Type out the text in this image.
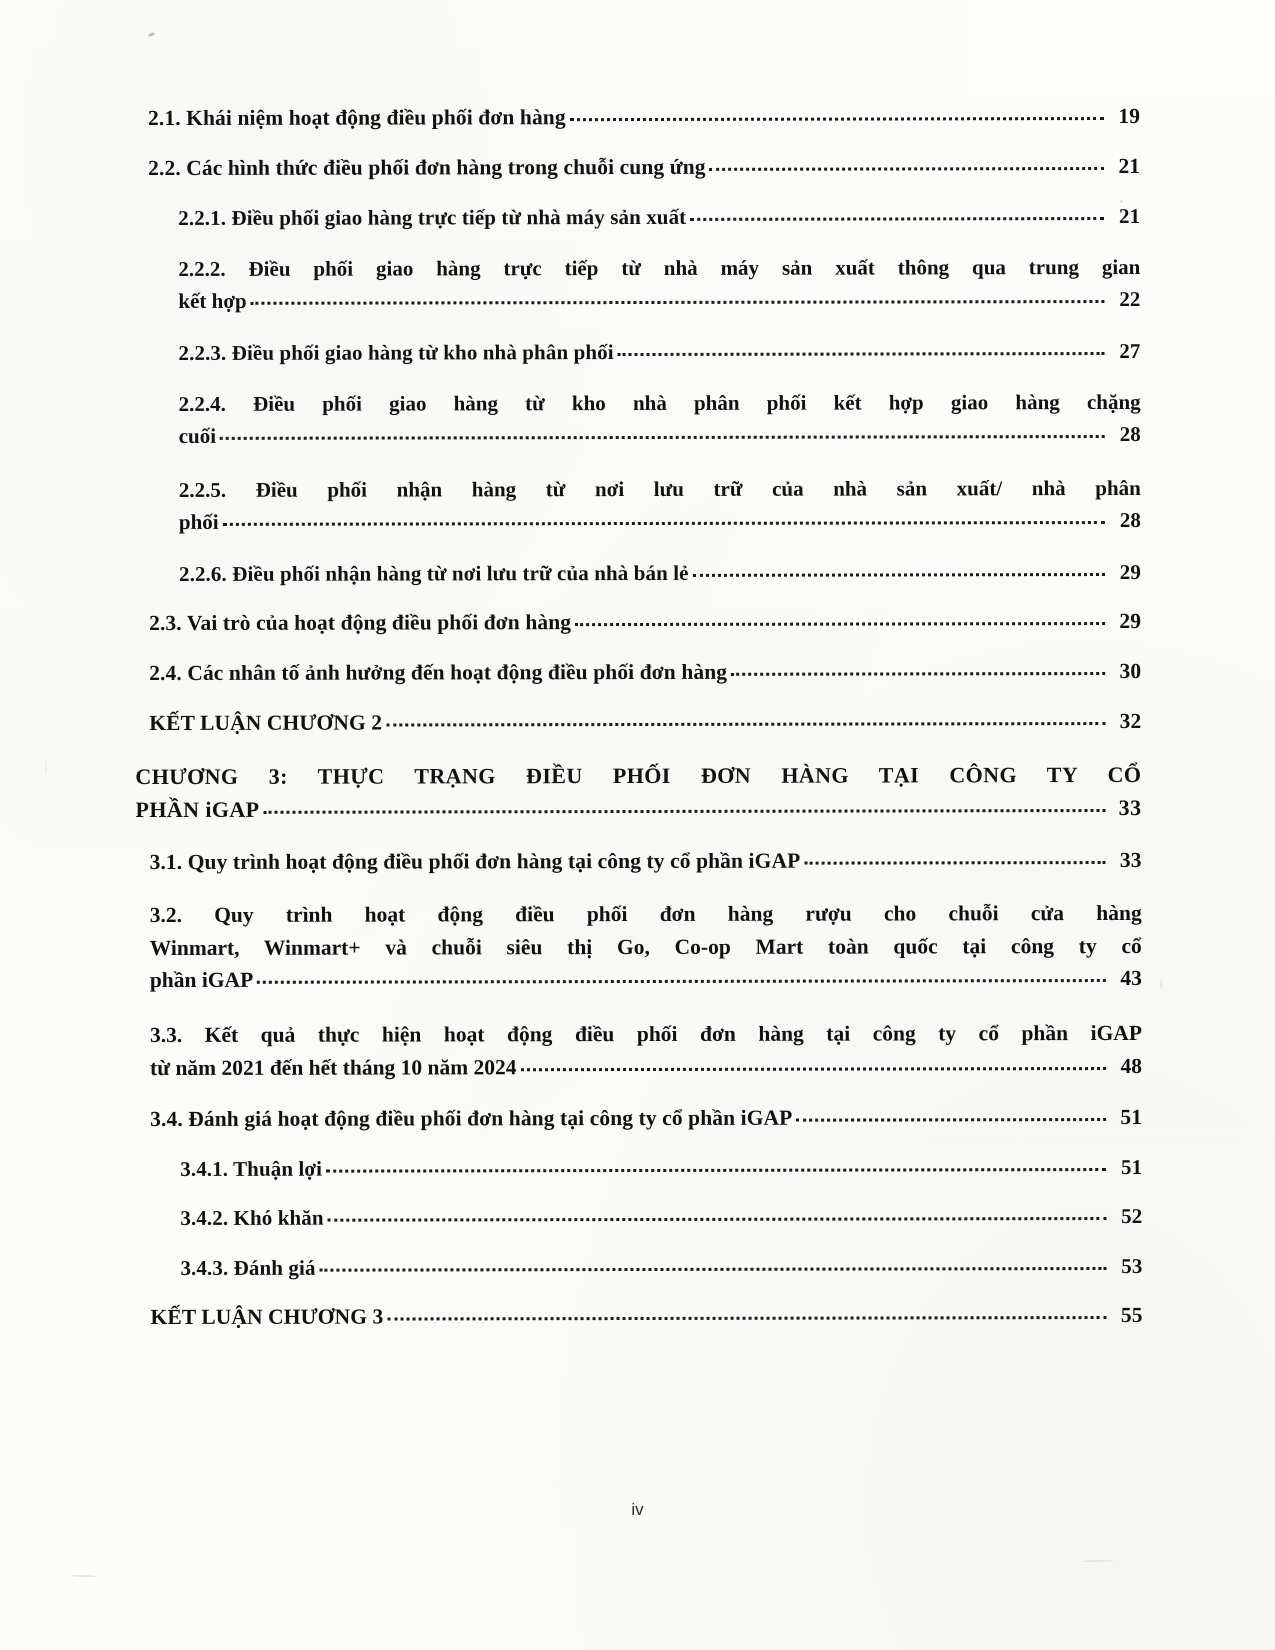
2.1. Khái niệm hoạt động điều phối đơn hàng	19
2.2. Các hình thức điều phối đơn hàng trong chuỗi cung ứng	21
2.2.1. Điều phối giao hàng trực tiếp từ nhà máy sản xuất	21
2.2.2. Điều phối giao hàng trực tiếp từ nhà máy sản xuất thông qua trung gian
kết hợp	22
2.2.3. Điều phối giao hàng từ kho nhà phân phối	27
2.2.4. Điều phối giao hàng từ kho nhà phân phối kết hợp giao hàng chặng
cuối	28
2.2.5. Điều phối nhận hàng từ nơi lưu trữ của nhà sản xuất/ nhà phân
phối	28
2.2.6. Điều phối nhận hàng từ nơi lưu trữ của nhà bán lẻ	29
2.3. Vai trò của hoạt động điều phối đơn hàng	29
2.4. Các nhân tố ảnh hưởng đến hoạt động điều phối đơn hàng	30
KẾT LUẬN CHƯƠNG 2	32
CHƯƠNG 3: THỰC TRẠNG ĐIỀU PHỐI ĐƠN HÀNG TẠI CÔNG TY CỔ
PHẦN iGAP	33
3.1. Quy trình hoạt động điều phối đơn hàng tại công ty cổ phần iGAP	33
3.2. Quy trình hoạt động điều phối đơn hàng rượu cho chuỗi cửa hàng
Winmart, Winmart+ và chuỗi siêu thị Go, Co-op Mart toàn quốc tại công ty cổ
phần iGAP	43
3.3. Kết quả thực hiện hoạt động điều phối đơn hàng tại công ty cổ phần iGAP
từ năm 2021 đến hết tháng 10 năm 2024	48
3.4. Đánh giá hoạt động điều phối đơn hàng tại công ty cổ phần iGAP	51
3.4.1. Thuận lợi	51
3.4.2. Khó khăn	52
3.4.3. Đánh giá	53
KẾT LUẬN CHƯƠNG 3	55
iv
